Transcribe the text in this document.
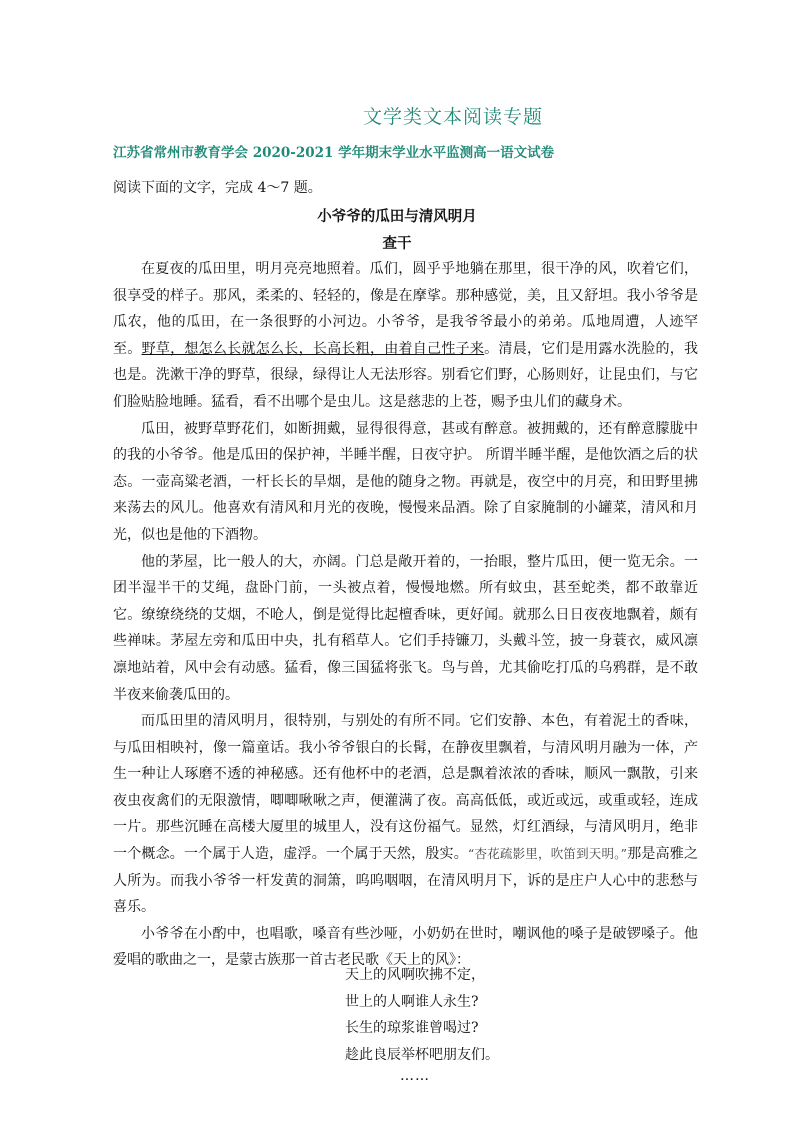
文学类文本阅读专题
江苏省常州市教育学会 2020-2021 学年期末学业水平监测高一语文试卷
阅读下面的文字，完成 4～7 题。
小爷爷的瓜田与清风明月
查干

在夏夜的瓜田里，明月亮亮地照着。瓜们，圆乎乎地躺在那里，很干净的风，吹着它们，很享受的样子。那风，柔柔的、轻轻的，像是在摩挲。那种感觉，美，且又舒坦。我小爷爷是瓜农，他的瓜田，在一条很野的小河边。小爷爷，是我爷爷最小的弟弟。瓜地周遭，人迹罕至。野草，想怎么长就怎么长，长高长粗，由着自己性子来。清晨，它们是用露水洗脸的，我也是。洗漱干净的野草，很绿，绿得让人无法形容。别看它们野，心肠则好，让昆虫们，与它们脸贴脸地睡。猛看，看不出哪个是虫儿。这是慈悲的上苍，赐予虫儿们的藏身术。

瓜田，被野草野花们，如断拥戴，显得很得意，甚或有醉意。被拥戴的，还有醉意朦胧中的我的小爷爷。他是瓜田的保护神，半睡半醒，日夜守护。 所谓半睡半醒，是他饮酒之后的状态。一壶高粱老酒，一杆长长的旱烟，是他的随身之物。再就是，夜空中的月亮，和田野里拂来荡去的风儿。他喜欢有清风和月光的夜晚，慢慢来品酒。除了自家腌制的小罐菜，清风和月光，似也是他的下酒物。

他的茅屋，比一般人的大，亦阔。门总是敞开着的，一抬眼，整片瓜田，便一览无余。一团半湿半干的艾绳，盘卧门前，一头被点着，慢慢地燃。所有蚊虫，甚至蛇类，都不敢靠近它。缭缭绕绕的艾烟，不呛人，倒是觉得比起檀香味，更好闻。就那么日日夜夜地飘着，颇有些禅味。茅屋左旁和瓜田中央，扎有稻草人。它们手持镰刀，头戴斗笠，披一身蓑衣，威风凛凛地站着，风中会有动感。猛看，像三国猛将张飞。鸟与兽，尤其偷吃打瓜的乌鸦群，是不敢半夜来偷袭瓜田的。

而瓜田里的清风明月，很特别，与别处的有所不同。它们安静、本色，有着泥土的香味，与瓜田相映衬，像一篇童话。我小爷爷银白的长髯，在静夜里飘着，与清风明月融为一体，产生一种让人琢磨不透的神秘感。还有他杯中的老酒，总是飘着浓浓的香味，顺风一飘散，引来夜虫夜禽们的无限激情，唧唧啾啾之声，便灌满了夜。高高低低，或近或远，或重或轻，连成一片。那些沉睡在高楼大厦里的城里人，没有这份福气。显然，灯红酒绿，与清风明月，绝非一个概念。一个属于人造，虚浮。一个属于天然，殷实。“杏花疏影里，吹笛到天明。”那是高雅之人所为。而我小爷爷一杆发黄的洞箫，呜呜咽咽，在清风明月下，诉的是庄户人心中的悲愁与喜乐。

小爷爷在小酌中，也唱歌，嗓音有些沙哑，小奶奶在世时，嘲讽他的嗓子是破锣嗓子。他爱唱的歌曲之一，是蒙古族那一首古老民歌《天上的风》：

天上的风啊吹拂不定，
世上的人啊谁人永生?
长生的琼浆谁曾喝过?
趁此良辰举杯吧朋友们。
……
